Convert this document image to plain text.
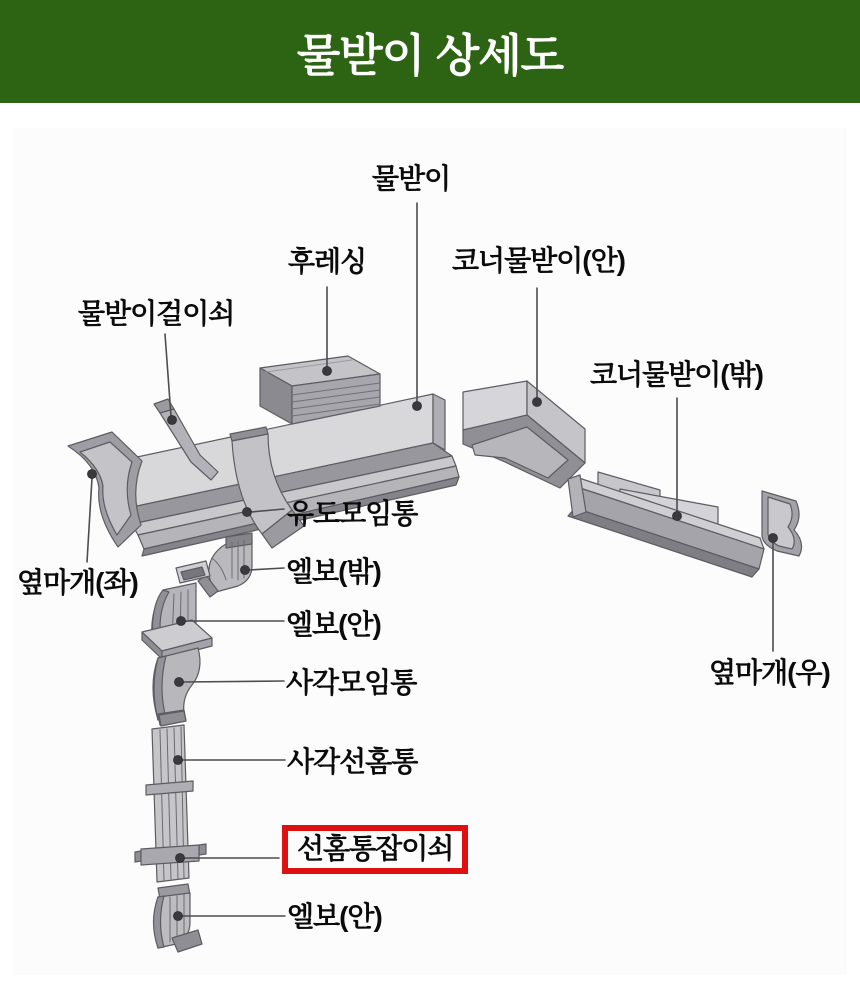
물받이 상세도
물받이
후레싱	코너물받이(안)
물받이걸이쇠
코너물받이(밖)
유도모임통
옆마개(좌)	엘보(밖)
엘보(안)
사각모임통	옆마개(우)
사각선홈통
선홈통잡이쇠
엘보(안)
